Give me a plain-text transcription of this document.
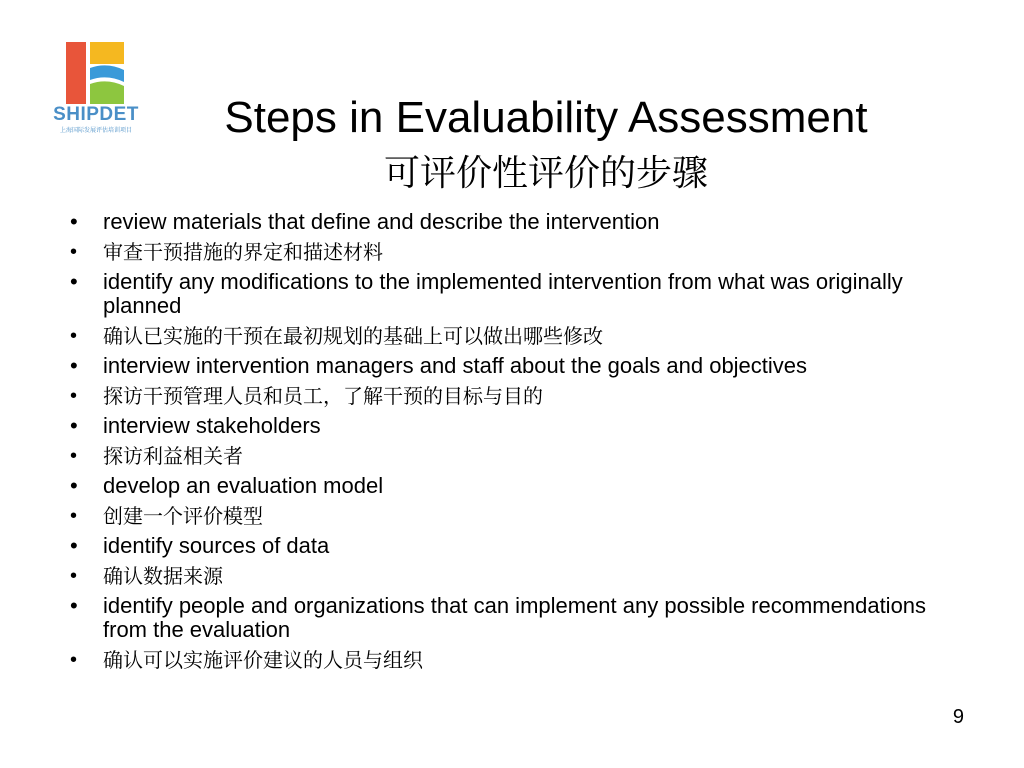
SHIPDET
上海国际发展评估培训项目	Steps in Evaluability Assessment
可评价性评价的步骤
• review materials that define and describe the intervention
• 审查干预措施的界定和描述材料
• identify any modifications to the implemented intervention from what was originally planned
• 确认已实施的干预在最初规划的基础上可以做出哪些修改
• interview intervention managers and staff about the goals and objectives
• 探访干预管理人员和员工，了解干预的目标与目的
• interview stakeholders
• 探访利益相关者
• develop an evaluation model
• 创建一个评价模型
• identify sources of data
• 确认数据来源
• identify people and organizations that can implement any possible recommendations from the evaluation
• 确认可以实施评价建议的人员与组织
9
